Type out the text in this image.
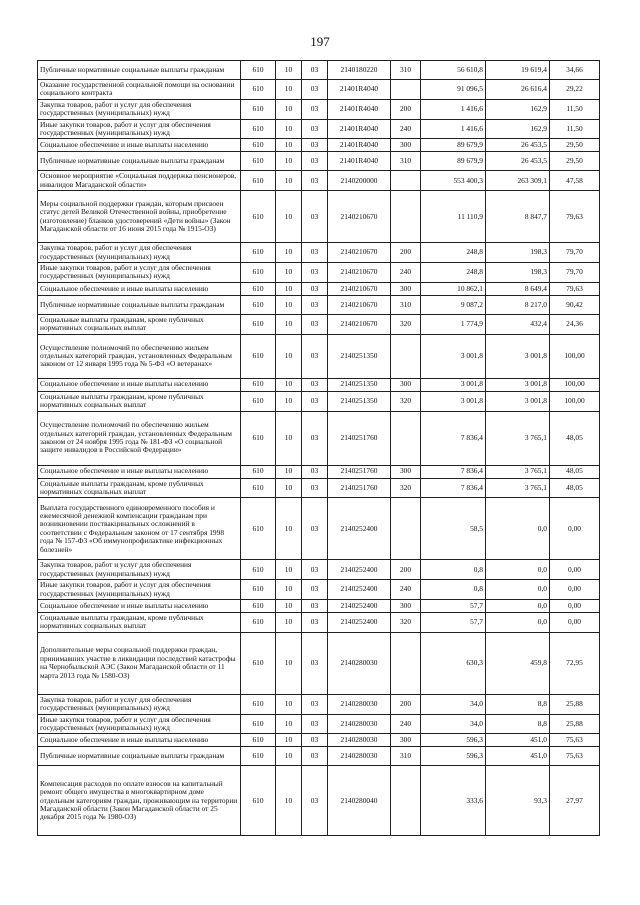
197
Публичные нормативные социальные выплаты гражданам	610	10	03	2140180220	310	56 610,8	19 619,4	34,66
Оказание государственной социальной помощи на основании социального контракта	610	10	03	21401R4040		91 096,5	26 616,4	29,22
Закупка товаров, работ и услуг для обеспечения государственных (муниципальных) нужд	610	10	03	21401R4040	200	1 416,6	162,9	11,50
Иные закупки товаров, работ и услуг для обеспечения государственных (муниципальных) нужд	610	10	03	21401R4040	240	1 416,6	162,9	11,50
Социальное обеспечение и иные выплаты населению	610	10	03	21401R4040	300	89 679,9	26 453,5	29,50
Публичные нормативные социальные выплаты гражданам	610	10	03	21401R4040	310	89 679,9	26 453,5	29,50
Основное мероприятие «Социальная поддержка пенсионеров, инвалидов Магаданской области»	610	10	03	2140200000		553 400,3	263 309,1	47,58
Меры социальной поддержки граждан, которым присвоен статус детей Великой Отечественной войны, приобретение (изготовление) бланков удостоверений «Дети войны» (Закон Магаданской области от 16 июня 2015 года № 1915-ОЗ)	610	10	03	2140210670		11 110,9	8 847,7	79,63
Закупка товаров, работ и услуг для обеспечения государственных (муниципальных) нужд	610	10	03	2140210670	200	248,8	198,3	79,70
Иные закупки товаров, работ и услуг для обеспечения государственных (муниципальных) нужд	610	10	03	2140210670	240	248,8	198,3	79,70
Социальное обеспечение и иные выплаты населению	610	10	03	2140210670	300	10 862,1	8 649,4	79,63
Публичные нормативные социальные выплаты гражданам	610	10	03	2140210670	310	9 087,2	8 217,0	90,42
Социальные выплаты гражданам, кроме публичных нормативных социальных выплат	610	10	03	2140210670	320	1 774,9	432,4	24,36
Осуществление полномочий по обеспечению жильем отдельных категорий граждан, установленных Федеральным законом от 12 января 1995 года № 5-ФЗ «О ветеранах»	610	10	03	2140251350		3 001,8	3 001,8	100,00
Социальное обеспечение и иные выплаты населению	610	10	03	2140251350	300	3 001,8	3 001,8	100,00
Социальные выплаты гражданам, кроме публичных нормативных социальных выплат	610	10	03	2140251350	320	3 001,8	3 001,8	100,00
Осуществление полномочий по обеспечению жильем отдельных категорий граждан, установленных Федеральным законом от 24 ноября 1995 года № 181-ФЗ «О социальной защите инвалидов в Российской Федерации»	610	10	03	2140251760		7 836,4	3 765,1	48,05
Социальное обеспечение и иные выплаты населению	610	10	03	2140251760	300	7 836,4	3 765,1	48,05
Социальные выплаты гражданам, кроме публичных нормативных социальных выплат	610	10	03	2140251760	320	7 836,4	3 765,1	48,05
Выплата государственного единовременного пособия и ежемесячной денежной компенсации гражданам при возникновении поствакцинальных осложнений в соответствии с Федеральным законом от 17 сентября 1998 года № 157-ФЗ «Об иммунопрофилактике инфекционных болезней»	610	10	03	2140252400		58,5	0,0	0,00
Закупка товаров, работ и услуг для обеспечения государственных (муниципальных) нужд	610	10	03	2140252400	200	0,8	0,0	0,00
Иные закупки товаров, работ и услуг для обеспечения государственных (муниципальных) нужд	610	10	03	2140252400	240	0,8	0,0	0,00
Социальное обеспечение и иные выплаты населению	610	10	03	2140252400	300	57,7	0,0	0,00
Социальные выплаты гражданам, кроме публичных нормативных социальных выплат	610	10	03	2140252400	320	57,7	0,0	0,00
Дополнительные меры социальной поддержки граждан, принимавших участие в ликвидации последствий катастрофы на Чернобыльской АЭС (Закон Магаданской области от 11 марта 2013 года № 1580-ОЗ)	610	10	03	2140280030		630,3	459,8	72,95
Закупка товаров, работ и услуг для обеспечения государственных (муниципальных) нужд	610	10	03	2140280030	200	34,0	8,8	25,88
Иные закупки товаров, работ и услуг для обеспечения государственных (муниципальных) нужд	610	10	03	2140280030	240	34,0	8,8	25,88
Социальное обеспечение и иные выплаты населению	610	10	03	2140280030	300	596,3	451,0	75,63
Публичные нормативные социальные выплаты гражданам	610	10	03	2140280030	310	596,3	451,0	75,63
Компенсация расходов по оплате взносов на капитальный ремонт общего имущества в многоквартирном доме отдельным категориям граждан, проживающим на территории Магаданской области (Закон Магаданской области от 25 декабря 2015 года № 1980-ОЗ)	610	10	03	2140280040		333,6	93,3	27,97
